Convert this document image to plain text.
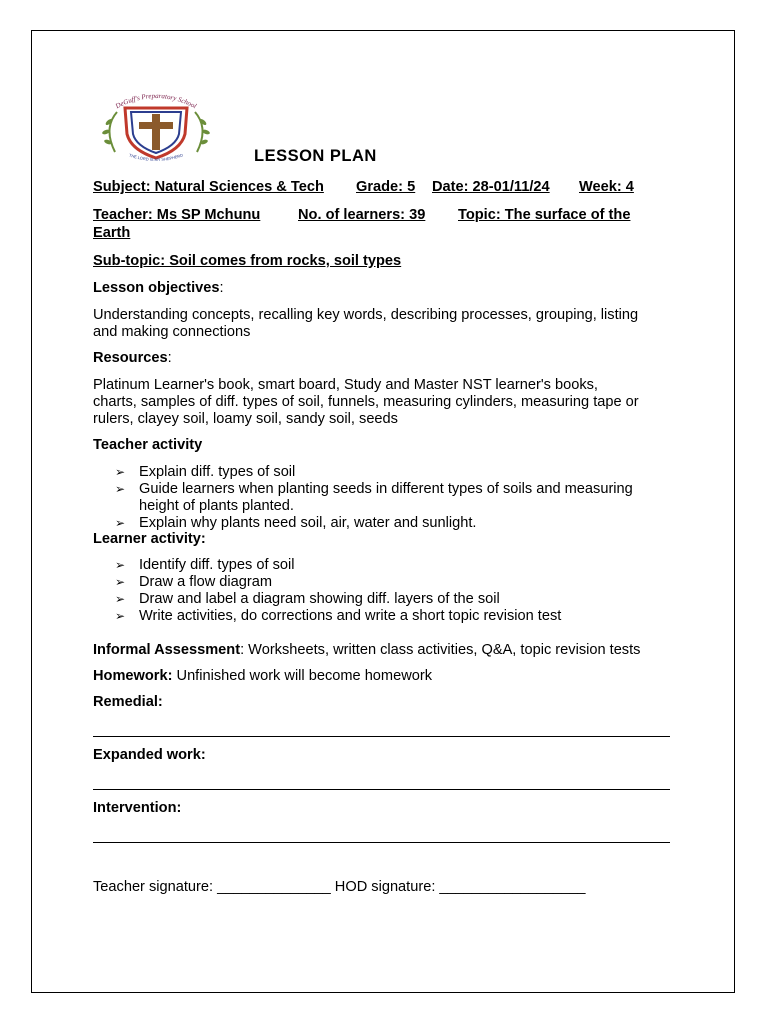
DeGuff's Preparatory School
THE LORD IS MY SHEPHERD	LESSON PLAN
Subject: Natural Sciences & Tech Grade: 5 Date: 28-01/11/24 Week: 4
Teacher: Ms SP Mchunu	No. of learners: 39 Topic: The surface of the
Earth
Sub-topic: Soil comes from rocks, soil types
Lesson objectives:
Understanding concepts, recalling key words, describing processes, grouping, listing
and making connections
Resources:
Platinum Learner's book, smart board, Study and Master NST learner's books,
charts, samples of diff. types of soil, funnels, measuring cylinders, measuring tape or
rulers, clayey soil, loamy soil, sandy soil, seeds
Teacher activity
➢ Explain diff. types of soil
➢ Guide learners when planting seeds in different types of soils and measuring
height of plants planted.
➢ Explain why plants need soil, air, water and sunlight.
Learner activity:
➢ Identify diff. types of soil
➢ Draw a flow diagram
➢ Draw and label a diagram showing diff. layers of the soil
➢ Write activities, do corrections and write a short topic revision test
Informal Assessment: Worksheets, written class activities, Q&A, topic revision tests
Homework: Unfinished work will become homework
Remedial:
Expanded work:
Intervention:
Teacher signature: ______________ HOD signature: __________________
